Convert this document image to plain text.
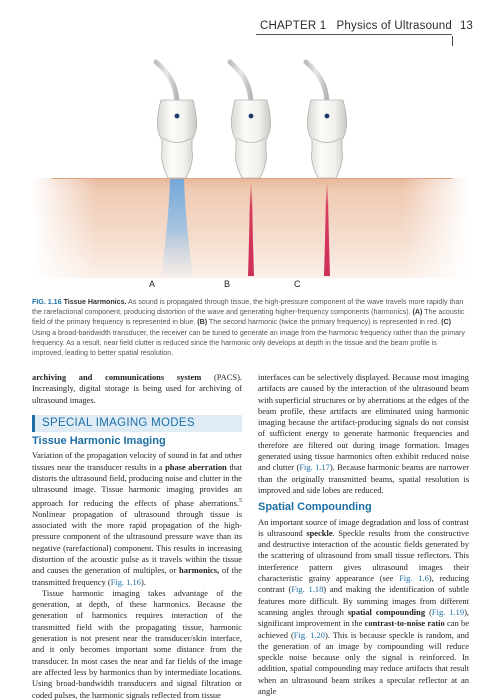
CHAPTER 1 Physics of Ultrasound 13
A	B	C
FIG. 1.16 Tissue Harmonics. As sound is propagated through tissue, the high-pressure component of the wave travels more rapidly than the rarefactional component, producing distortion of the wave and generating higher-frequency components (harmonics). (A) The acoustic field of the primary frequency is represented in blue. (B) The second harmonic (twice the primary frequency) is represented in red. (C) Using a broad-bandwidth transducer, the receiver can be tuned to generate an image from the harmonic frequency rather than the primary frequency. As a result, near field clutter is reduced since the harmonic only develops at depth in the tissue and the beam profile is improved, leading to better spatial resolution.

archiving and communications system (PACS). Increasingly, digital storage is being used for archiving of ultrasound images.

SPECIAL IMAGING MODES
Tissue Harmonic Imaging

Variation of the propagation velocity of sound in fat and other tissues near the transducer results in a phase aberration that distorts the ultrasound field, producing noise and clutter in the ultrasound image. Tissue harmonic imaging provides an approach for reducing the effects of phase aberrations.$^5$ Nonlinear propagation of ultrasound through tissue is associated with the more rapid propagation of the high-pressure component of the ultrasound pressure wave than its negative (rarefactional) component. This results in increasing distortion of the acoustic pulse as it travels within the tissue and causes the generation of multiples, or harmonics, of the transmitted frequency (Fig. 1.16).

Tissue harmonic imaging takes advantage of the generation, at depth, of these harmonics. Because the generation of harmonics requires interaction of the transmitted field with the propagating tissue, harmonic generation is not present near the transducer/skin interface, and it only becomes important some distance from the transducer. In most cases the near and far fields of the image are affected less by harmonics than by intermediate locations. Using broad-bandwidth transducers and signal filtration or coded pulses, the harmonic signals reflected from tissue

interfaces can be selectively displayed. Because most imaging artifacts are caused by the interaction of the ultrasound beam with superficial structures or by aberrations at the edges of the beam profile, these artifacts are eliminated using harmonic imaging because the artifact-producing signals do not consist of sufficient energy to generate harmonic frequencies and therefore are filtered out during image formation. Images generated using tissue harmonics often exhibit reduced noise and clutter (Fig. 1.17). Because harmonic beams are narrower than the originally transmitted beams, spatial resolution is improved and side lobes are reduced.

Spatial Compounding

An important source of image degradation and loss of contrast is ultrasound speckle. Speckle results from the constructive and destructive interaction of the acoustic fields generated by the scattering of ultrasound from small tissue reflectors. This interference pattern gives ultrasound images their characteristic grainy appearance (see Fig. 1.6), reducing contrast (Fig. 1.18) and making the identification of subtle features more difficult. By summing images from different scanning angles through spatial compounding (Fig. 1.19), significant improvement in the contrast-to-noise ratio can be achieved (Fig. 1.20). This is because speckle is random, and the generation of an image by compounding will reduce speckle noise because only the signal is reinforced. In addition, spatial compounding may reduce artifacts that result when an ultrasound beam strikes a specular reflector at an angle
